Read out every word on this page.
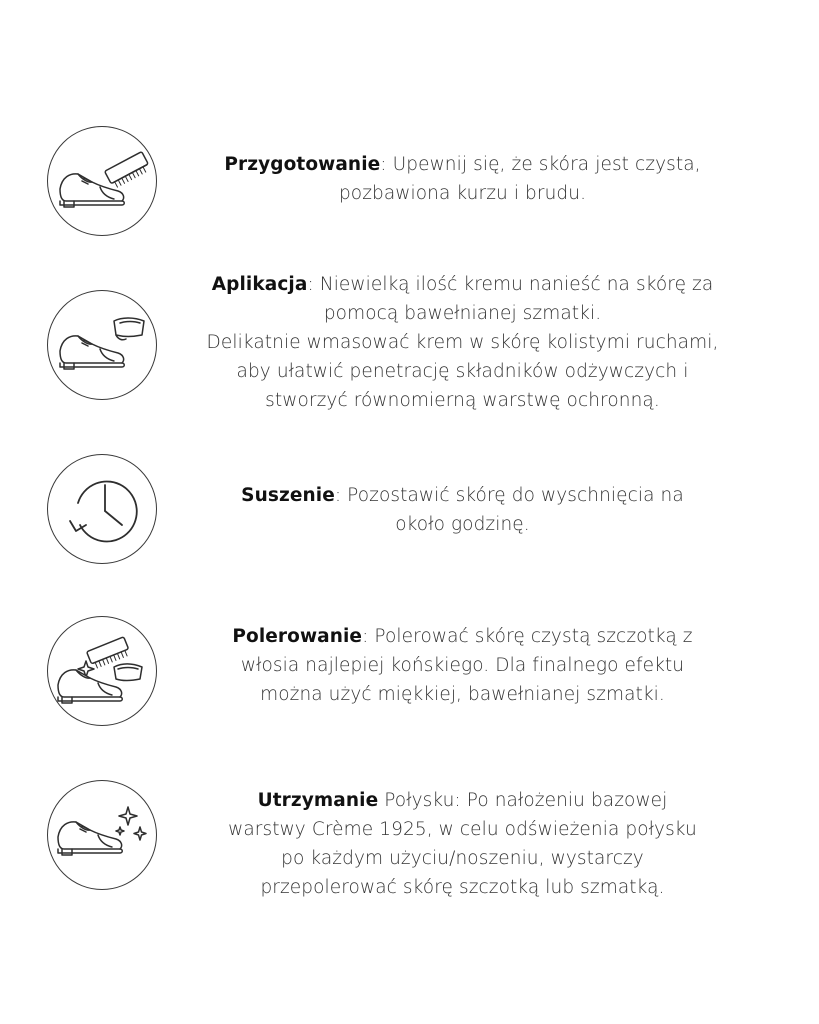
Przygotowanie: Upewnij się, że skóra jest czysta,

pozbawiona kurzu i brudu.

Aplikacja: Niewielką ilość kremu nanieść na skórę za

pomocą bawełnianej szmatki.

Delikatnie wmasować krem w skórę kolistymi ruchami,

aby ułatwić penetrację składników odżywczych i

stworzyć równomierną warstwę ochronną.

Suszenie: Pozostawić skórę do wyschnięcia na

około godzinę.

Polerowanie: Polerować skórę czystą szczotką z

włosia najlepiej końskiego. Dla finalnego efektu

można użyć miękkiej, bawełnianej szmatki.

Utrzymanie Połysku: Po nałożeniu bazowej

warstwy Crème 1925, w celu odświeżenia połysku

po każdym użyciu/noszeniu, wystarczy

przepolerować skórę szczotką lub szmatką.
